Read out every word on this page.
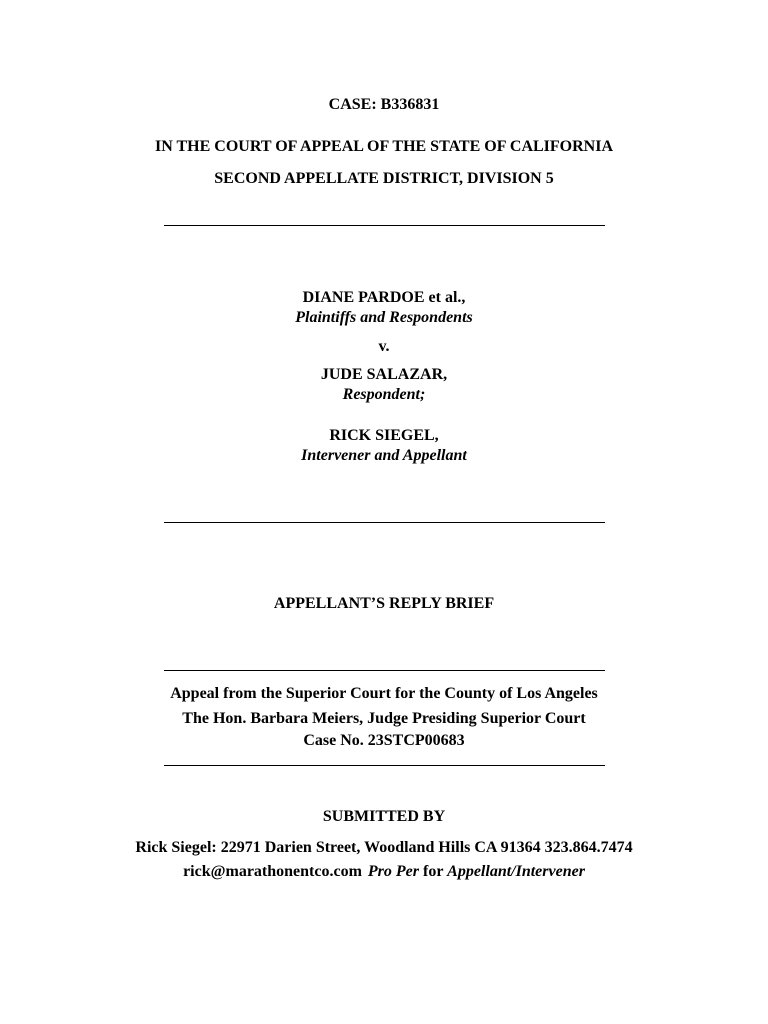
CASE: B336831
IN THE COURT OF APPEAL OF THE STATE OF CALIFORNIA
SECOND APPELLATE DISTRICT, DIVISION 5
DIANE PARDOE et al.,
Plaintiffs and Respondents
v.
JUDE SALAZAR,
Respondent;
RICK SIEGEL,
Intervener and Appellant
APPELLANT’S REPLY BRIEF
Appeal from the Superior Court for the County of Los Angeles
The Hon. Barbara Meiers, Judge Presiding Superior Court
Case No. 23STCP00683
SUBMITTED BY
Rick Siegel: 22971 Darien Street, Woodland Hills CA 91364 323.864.7474
rick@marathonentco.com Pro Per for Appellant/Intervener
